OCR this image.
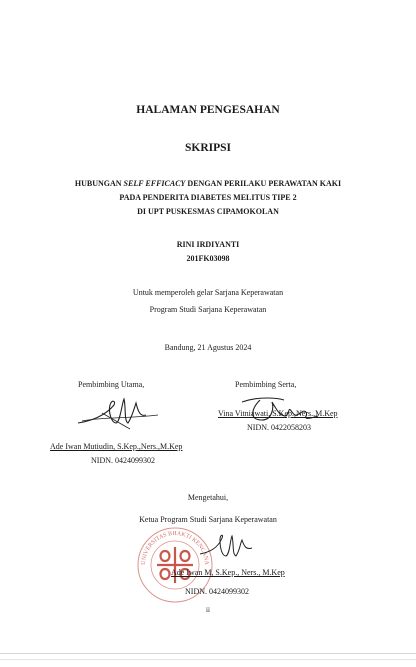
HALAMAN PENGESAHAN
SKRIPSI
HUBUNGAN SELF EFFICACY DENGAN PERILAKU PERAWATAN KAKI
PADA PENDERITA DIABETES MELITUS TIPE 2
DI UPT PUSKESMAS CIPAMOKOLAN
RINI IRDIYANTI
201FK03098
Untuk memperoleh gelar Sarjana Keperawatan
Program Studi Sarjana Keperawatan
Bandung, 21 Agustus 2024
Pembimbing Utama,	Pembimbing Serta,
Vina Vitniawati, S.Kep.,Ners.,M.Kep
NIDN. 0422058203
Ade Iwan Mutiudin, S.Kep.,Ners.,M.Kep
NIDN. 0424099302
Mengetahui,
Ketua Program Studi Sarjana Keperawatan
UNIVERSITAS BHAKTI KENCANA
Ade Iwan M, S.Kep., Ners., M.Kep
NIDN. 0424099302
ii
